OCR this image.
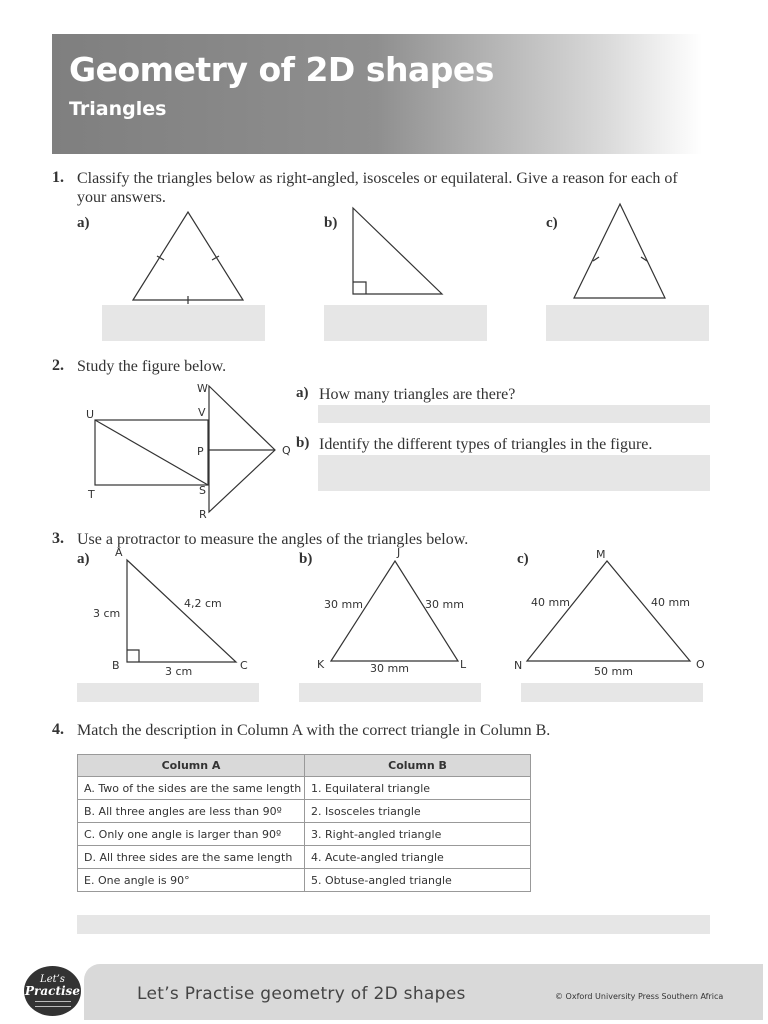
Geometry of 2D shapes
Triangles
1. Classify the triangles below as right-angled, isosceles or equilateral. Give a reason for each of your answers.
a)	b)	c)
2. Study the figure below.
W
U	V
P	Q
T	S
R
a) How many triangles are there?
b) Identify the different types of triangles in the figure.
3. Use a protractor to measure the angles of the triangles below.
a)	b)	c)
A
B	C
3 cm
4,2 cm
3 cm
J
K	L
30 mm	30 mm
30 mm
M
N	O
40 mm	40 mm
50 mm
4. Match the description in Column A with the correct triangle in Column B.
Column A	Column B
A. Two of the sides are the same length	1. Equilateral triangle
B. All three angles are less than 90º	2. Isosceles triangle
C. Only one angle is larger than 90º	3. Right-angled triangle
D. All three sides are the same length	4. Acute-angled triangle
E. One angle is 90°	5. Obtuse-angled triangle
Let’s
Practise	Let’s Practise geometry of 2D shapes	© Oxford University Press Southern Africa
